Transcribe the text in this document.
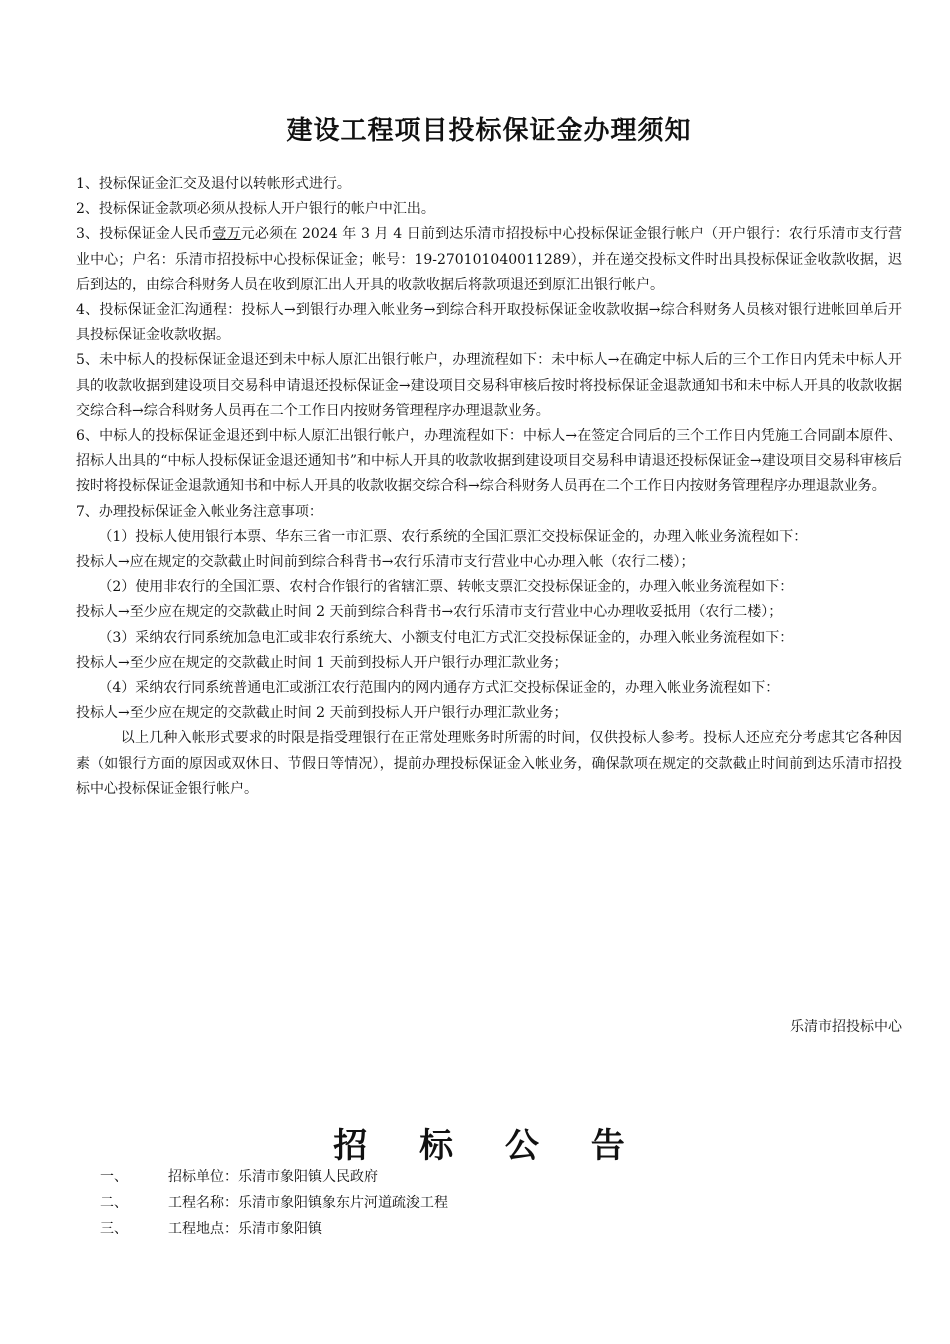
建设工程项目投标保证金办理须知

1、投标保证金汇交及退付以转帐形式进行。

2、投标保证金款项必须从投标人开户银行的帐户中汇出。

3、投标保证金人民币壹万元必须在 2024 年 3 月 4 日前到达乐清市招投标中心投标保证金银行帐户（开户银行：农行乐清市支行营业中心；户名：乐清市招投标中心投标保证金；帐号：19-270101040011289），并在递交投标文件时出具投标保证金收款收据，迟后到达的，由综合科财务人员在收到原汇出人开具的收款收据后将款项退还到原汇出银行帐户。

4、投标保证金汇沟通程：投标人→到银行办理入帐业务→到综合科开取投标保证金收款收据→综合科财务人员核对银行进帐回单后开具投标保证金收款收据。

5、未中标人的投标保证金退还到未中标人原汇出银行帐户，办理流程如下：未中标人→在确定中标人后的三个工作日内凭未中标人开具的收款收据到建设项目交易科申请退还投标保证金→建设项目交易科审核后按时将投标保证金退款通知书和未中标人开具的收款收据交综合科→综合科财务人员再在二个工作日内按财务管理程序办理退款业务。

6、中标人的投标保证金退还到中标人原汇出银行帐户，办理流程如下：中标人→在签定合同后的三个工作日内凭施工合同副本原件、招标人出具的“中标人投标保证金退还通知书”和中标人开具的收款收据到建设项目交易科申请退还投标保证金→建设项目交易科审核后按时将投标保证金退款通知书和中标人开具的收款收据交综合科→综合科财务人员再在二个工作日内按财务管理程序办理退款业务。

7、办理投标保证金入帐业务注意事项：

（1）投标人使用银行本票、华东三省一市汇票、农行系统的全国汇票汇交投标保证金的，办理入帐业务流程如下：

投标人→应在规定的交款截止时间前到综合科背书→农行乐清市支行营业中心办理入帐（农行二楼）；

（2）使用非农行的全国汇票、农村合作银行的省辖汇票、转帐支票汇交投标保证金的，办理入帐业务流程如下：

投标人→至少应在规定的交款截止时间 2 天前到综合科背书→农行乐清市支行营业中心办理收妥抵用（农行二楼）；

（3）采纳农行同系统加急电汇或非农行系统大、小额支付电汇方式汇交投标保证金的，办理入帐业务流程如下：

投标人→至少应在规定的交款截止时间 1 天前到投标人开户银行办理汇款业务；

（4）采纳农行同系统普通电汇或浙江农行范围内的网内通存方式汇交投标保证金的，办理入帐业务流程如下：

投标人→至少应在规定的交款截止时间 2 天前到投标人开户银行办理汇款业务；

以上几种入帐形式要求的时限是指受理银行在正常处理账务时所需的时间，仅供投标人参考。投标人还应充分考虑其它各种因素（如银行方面的原因或双休日、节假日等情况），提前办理投标保证金入帐业务，确保款项在规定的交款截止时间前到达乐清市招投标中心投标保证金银行帐户。

乐清市招投标中心
招 标 公 告
一、	招标单位：乐清市象阳镇人民政府
二、	工程名称：乐清市象阳镇象东片河道疏浚工程
三、	工程地点：乐清市象阳镇
